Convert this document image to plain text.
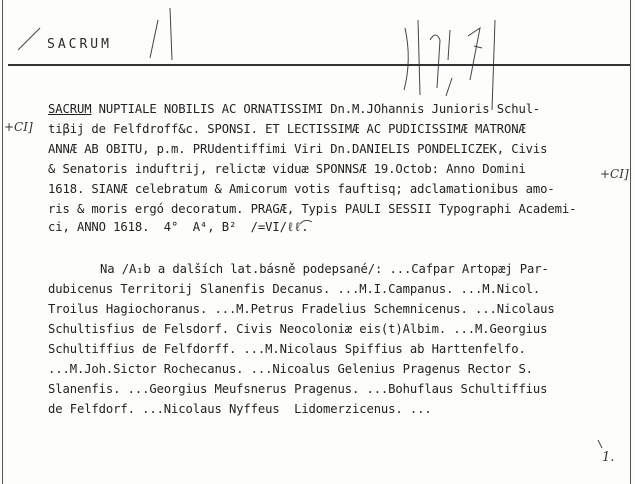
SACRUM
+CI]
+CI]
SACRUM NUPTIALE NOBILIS AC ORNATISSIMI Dn.M.JOhannis Junioris Schul-
tiβij de Felfdroff&c. SPONSI. ET LECTISSIMÆ AC PUDICISSIMÆ MATRONÆ
ANNÆ AB OBITU, p.m. PRUdentiffimi Viri Dn.DANIELIS PONDELICZEK, Civis
& Senatoris induftrij, relictæ viduæ SPONNSÆ 19.Octob: Anno Domini
1618. SIANÆ celebratum & Amicorum votis fauftisq; adclamationibus amo-
ris & moris ergó decoratum. PRAGÆ, Typis PAULI SESSII Typographi Academi-
ci, ANNO 1618.  4°  A⁴, B²  /=VI/ℓℓ.
Na /A₁b a dalších lat.básně podepsané/: ...Cafpar Artopæj Par-
dubicenus Territorij Slanenfis Decanus. ...M.I.Campanus. ...M.Nicol.
Troilus Hagiochoranus. ...M.Petrus Fradelius Schemnicenus. ...Nicolaus
Schultisfius de Felsdorf. Civis Neocoloniæ eis(t)Albim. ...M.Georgius
Schultiffius de Felfdorff. ...M.Nicolaus Spiffius ab Harttenfelfo.
...M.Joh.Sictor Rochecanus. ...Nicoalus Gelenius Pragenus Rector S.
Slanenfis. ...Georgius Meufsnerus Pragenus. ...Bohuflaus Schultiffius
de Felfdorf. ...Nicolaus Nyffeus  Lidomerzicenus. ...
1.
